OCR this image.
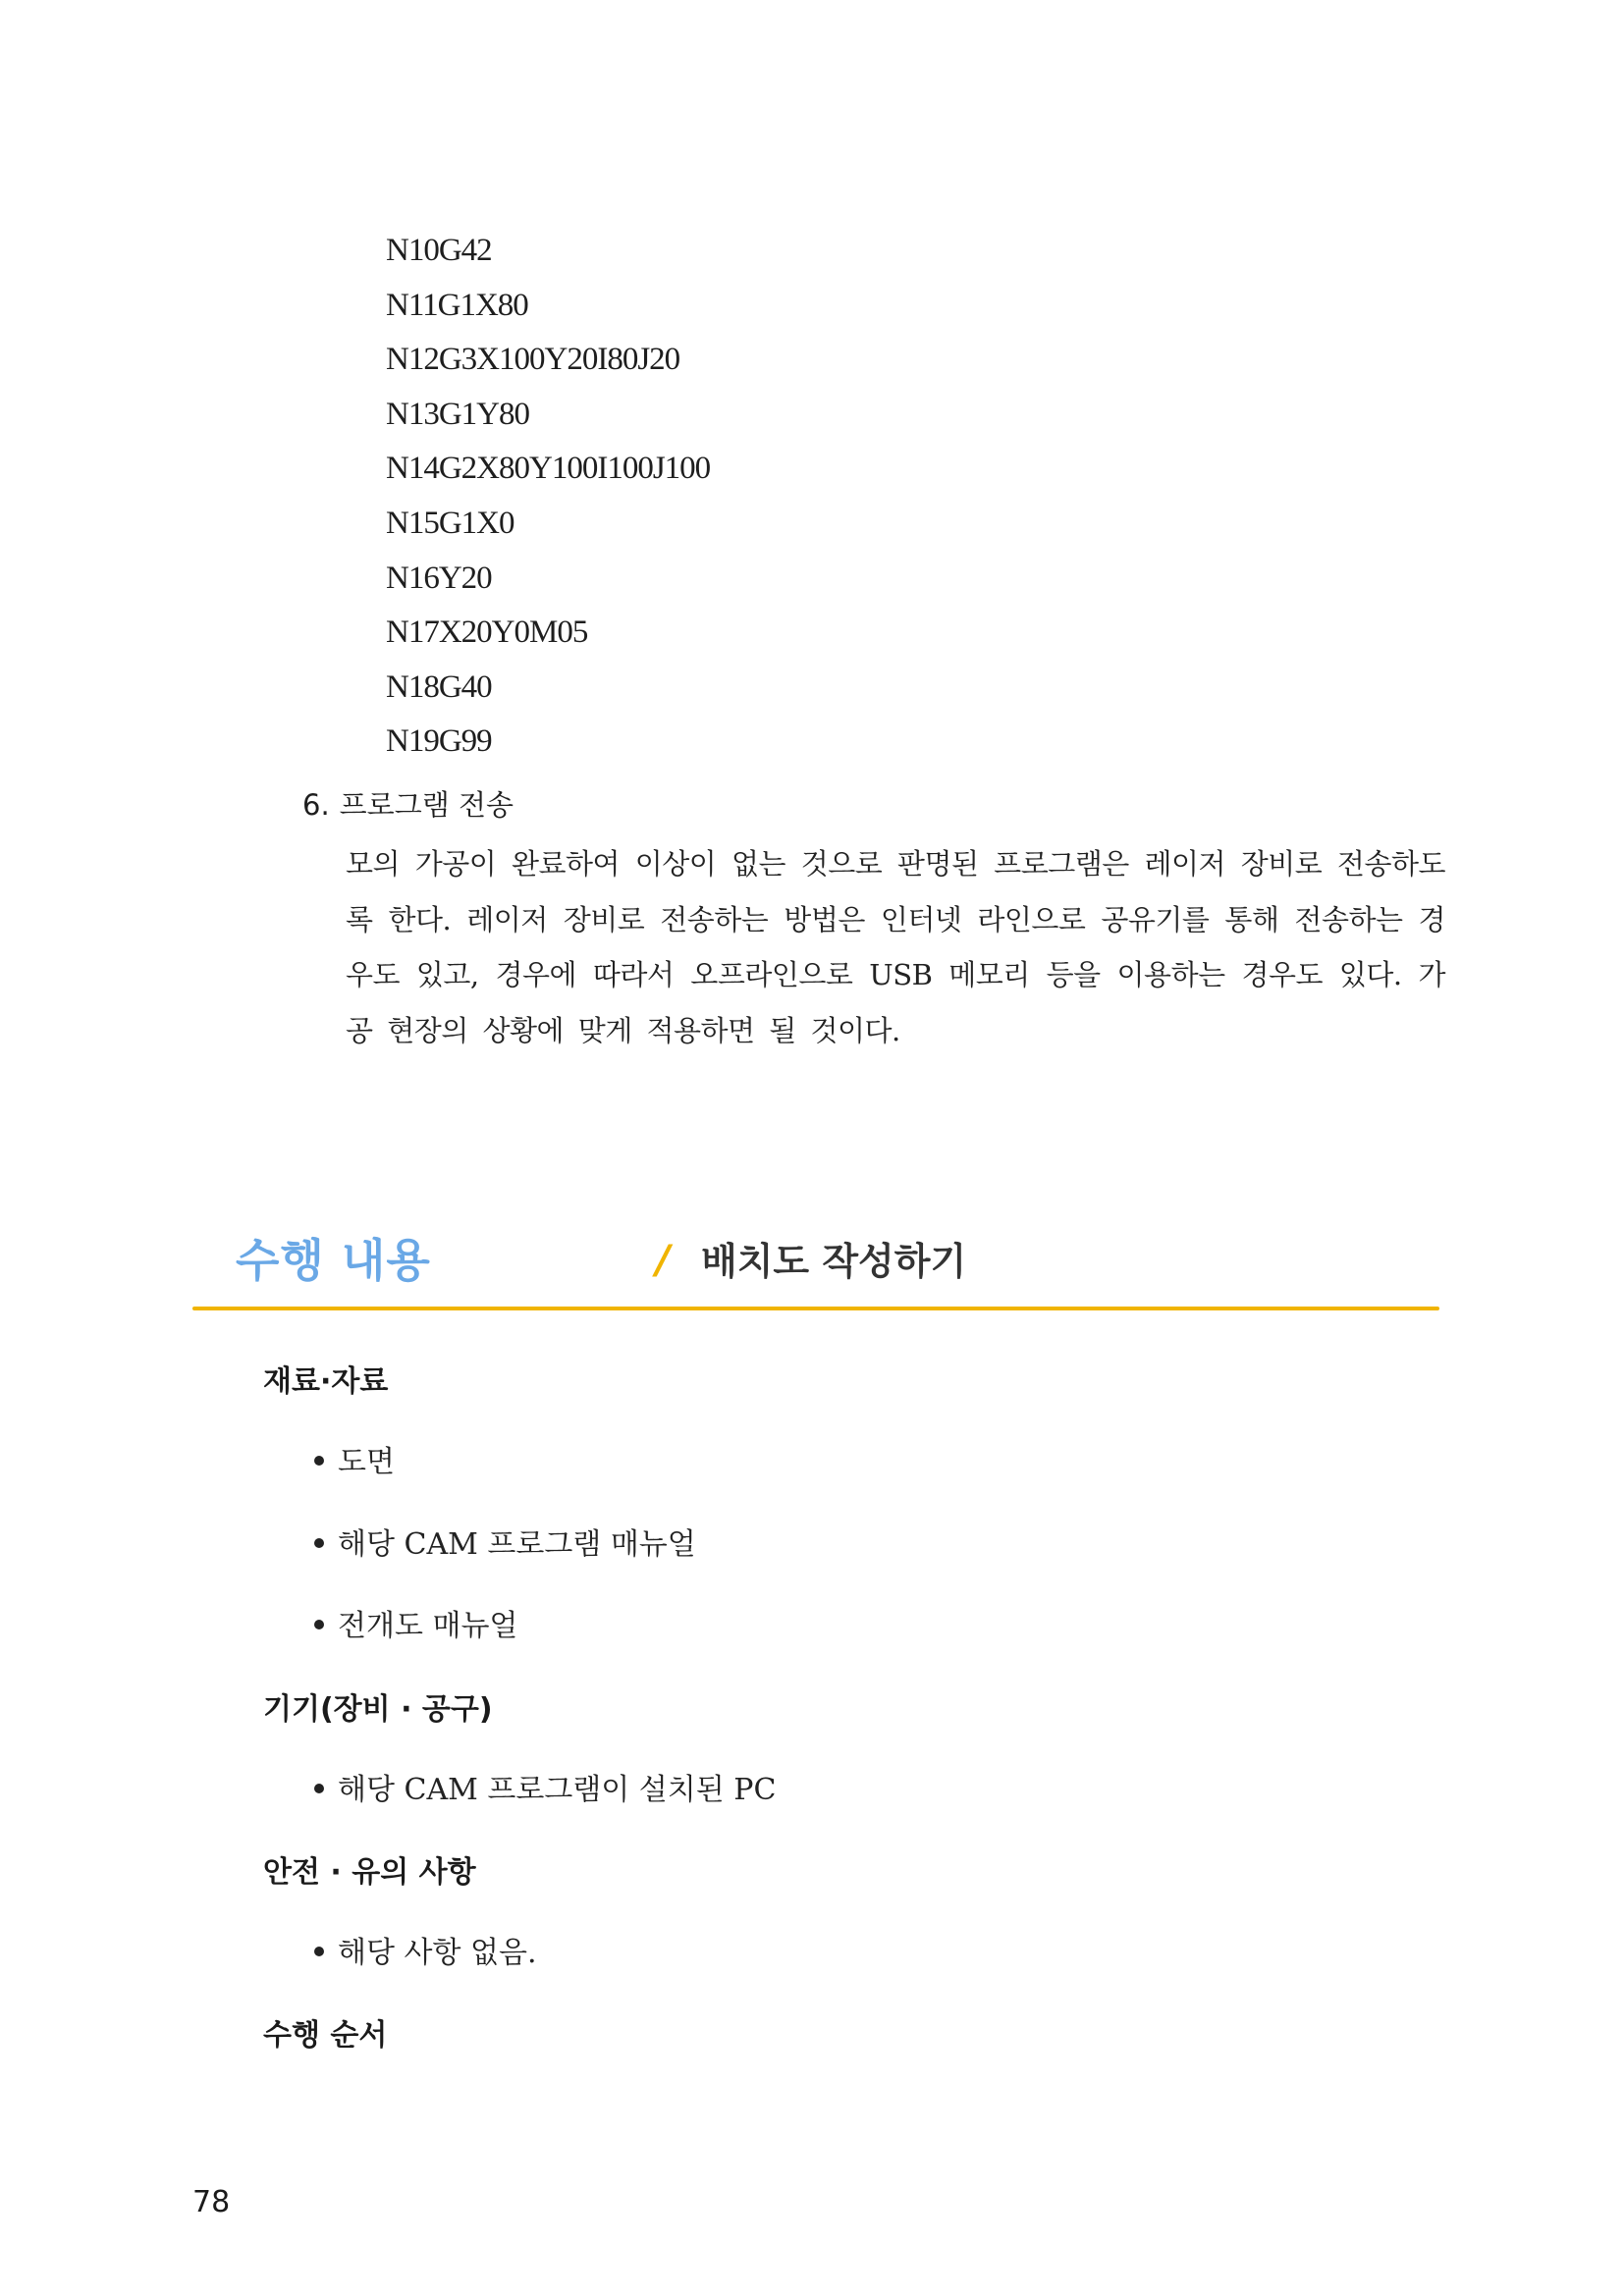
N10G42
N11G1X80
N12G3X100Y20I80J20
N13G1Y80
N14G2X80Y100I100J100
N15G1X0
N16Y20
N17X20Y0M05
N18G40
N19G99
6. 프로그램 전송

모의 가공이 완료하여 이상이 없는 것으로 판명된 프로그램은 레이저 장비로 전송하도록 한다. 레이저 장비로 전송하는 방법은 인터넷 라인으로 공유기를 통해 전송하는 경우도 있고, 경우에 따라서 오프라인으로 USB 메모리 등을 이용하는 경우도 있다. 가공 현장의 상황에 맞게 적용하면 될 것이다.

수행 내용	/ 배치도 작성하기
재료·자료
도면
해당 CAM 프로그램 매뉴얼
전개도 매뉴얼
기기(장비 · 공구)
해당 CAM 프로그램이 설치된 PC
안전 · 유의 사항
해당 사항 없음.
수행 순서
78
